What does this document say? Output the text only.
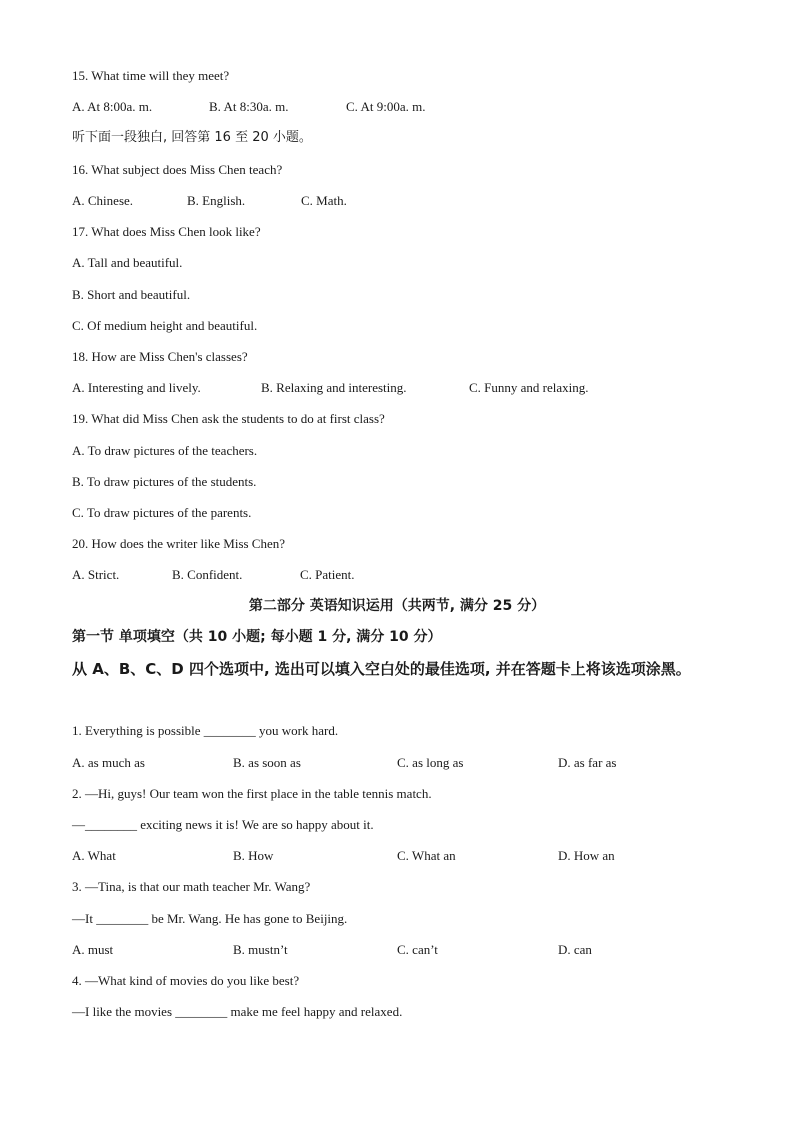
15. What time will they meet?
A. At 8:00a. m.	B. At 8:30a. m.	C. At 9:00a. m.
听下面一段独白, 回答第 16 至 20 小题。
16. What subject does Miss Chen teach?
A. Chinese.	B. English.	C. Math.
17. What does Miss Chen look like?
A. Tall and beautiful.
B. Short and beautiful.
C. Of medium height and beautiful.
18. How are Miss Chen's classes?
A. Interesting and lively.	B. Relaxing and interesting.	C. Funny and relaxing.
19. What did Miss Chen ask the students to do at first class?
A. To draw pictures of the teachers.
B. To draw pictures of the students.
C. To draw pictures of the parents.
20. How does the writer like Miss Chen?
A. Strict.	B. Confident.	C. Patient.
第二部分 英语知识运用（共两节, 满分 25 分）
第一节 单项填空（共 10 小题; 每小题 1 分, 满分 10 分）
从 A、B、C、D 四个选项中, 选出可以填入空白处的最佳选项, 并在答题卡上将该选项涂黑。
1. Everything is possible ________ you work hard.
A. as much as	B. as soon as	C. as long as	D. as far as
2. —Hi, guys! Our team won the first place in the table tennis match.
—________ exciting news it is! We are so happy about it.
A. What	B. How	C. What an	D. How an
3. —Tina, is that our math teacher Mr. Wang?
—It ________ be Mr. Wang. He has gone to Beijing.
A. must	B. mustn’t	C. can’t	D. can
4. —What kind of movies do you like best?
—I like the movies ________ make me feel happy and relaxed.
